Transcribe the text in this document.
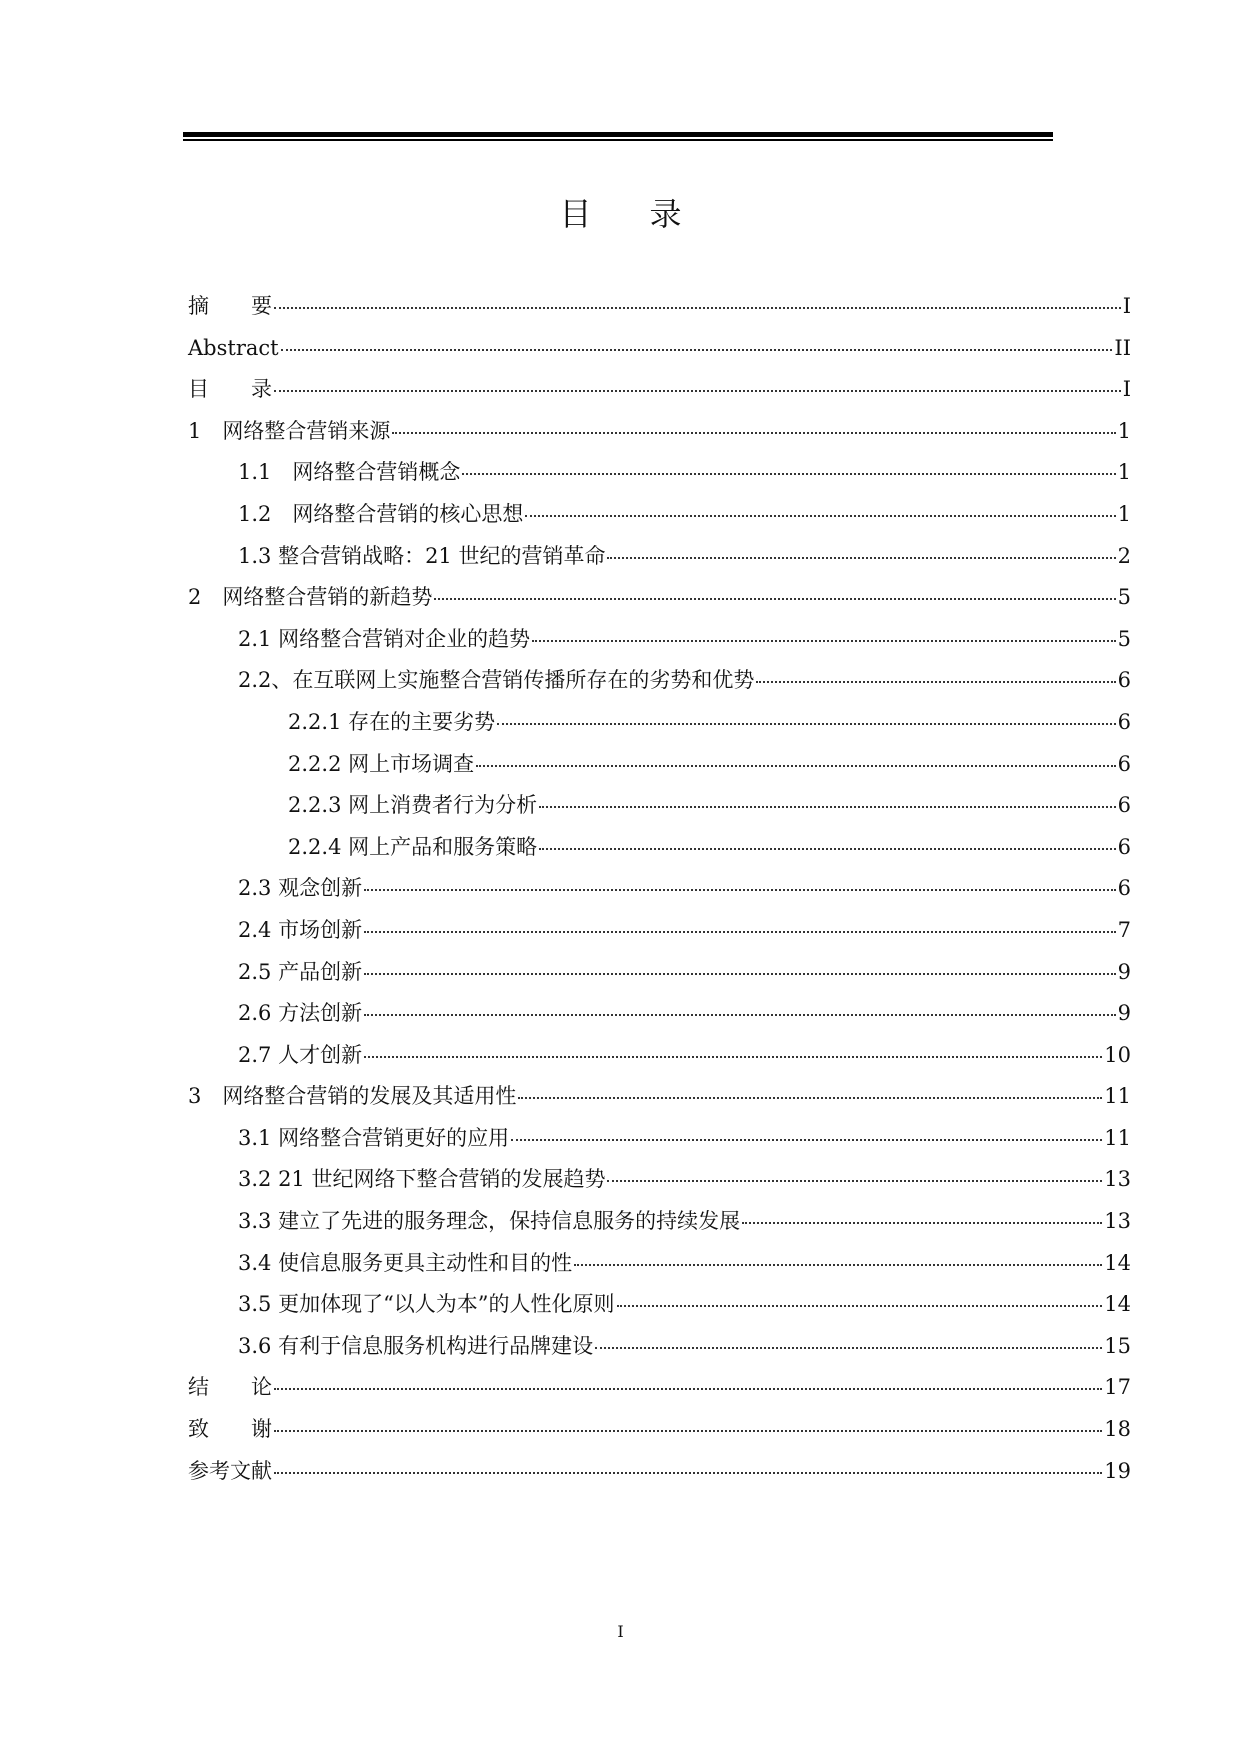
目录
摘　　要	I
Abstract	II
目　　录	I
1　网络整合营销来源	1
1.1　网络整合营销概念	1
1.2　网络整合营销的核心思想	1
1.3 整合营销战略：21 世纪的营销革命	2
2　网络整合营销的新趋势	5
2.1 网络整合营销对企业的趋势	5
2.2、在互联网上实施整合营销传播所存在的劣势和优势	6
2.2.1 存在的主要劣势	6
2.2.2 网上市场调查	6
2.2.3 网上消费者行为分析	6
2.2.4 网上产品和服务策略	6
2.3 观念创新	6
2.4 市场创新	7
2.5 产品创新	9
2.6 方法创新	9
2.7 人才创新	10
3　网络整合营销的发展及其适用性	11
3.1 网络整合营销更好的应用	11
3.2 21 世纪网络下整合营销的发展趋势	13
3.3 建立了先进的服务理念，保持信息服务的持续发展	13
3.4 使信息服务更具主动性和目的性	14
3.5 更加体现了“以人为本”的人性化原则	14
3.6 有利于信息服务机构进行品牌建设	15
结　　论	17
致　　谢	18
参考文献	19
I
